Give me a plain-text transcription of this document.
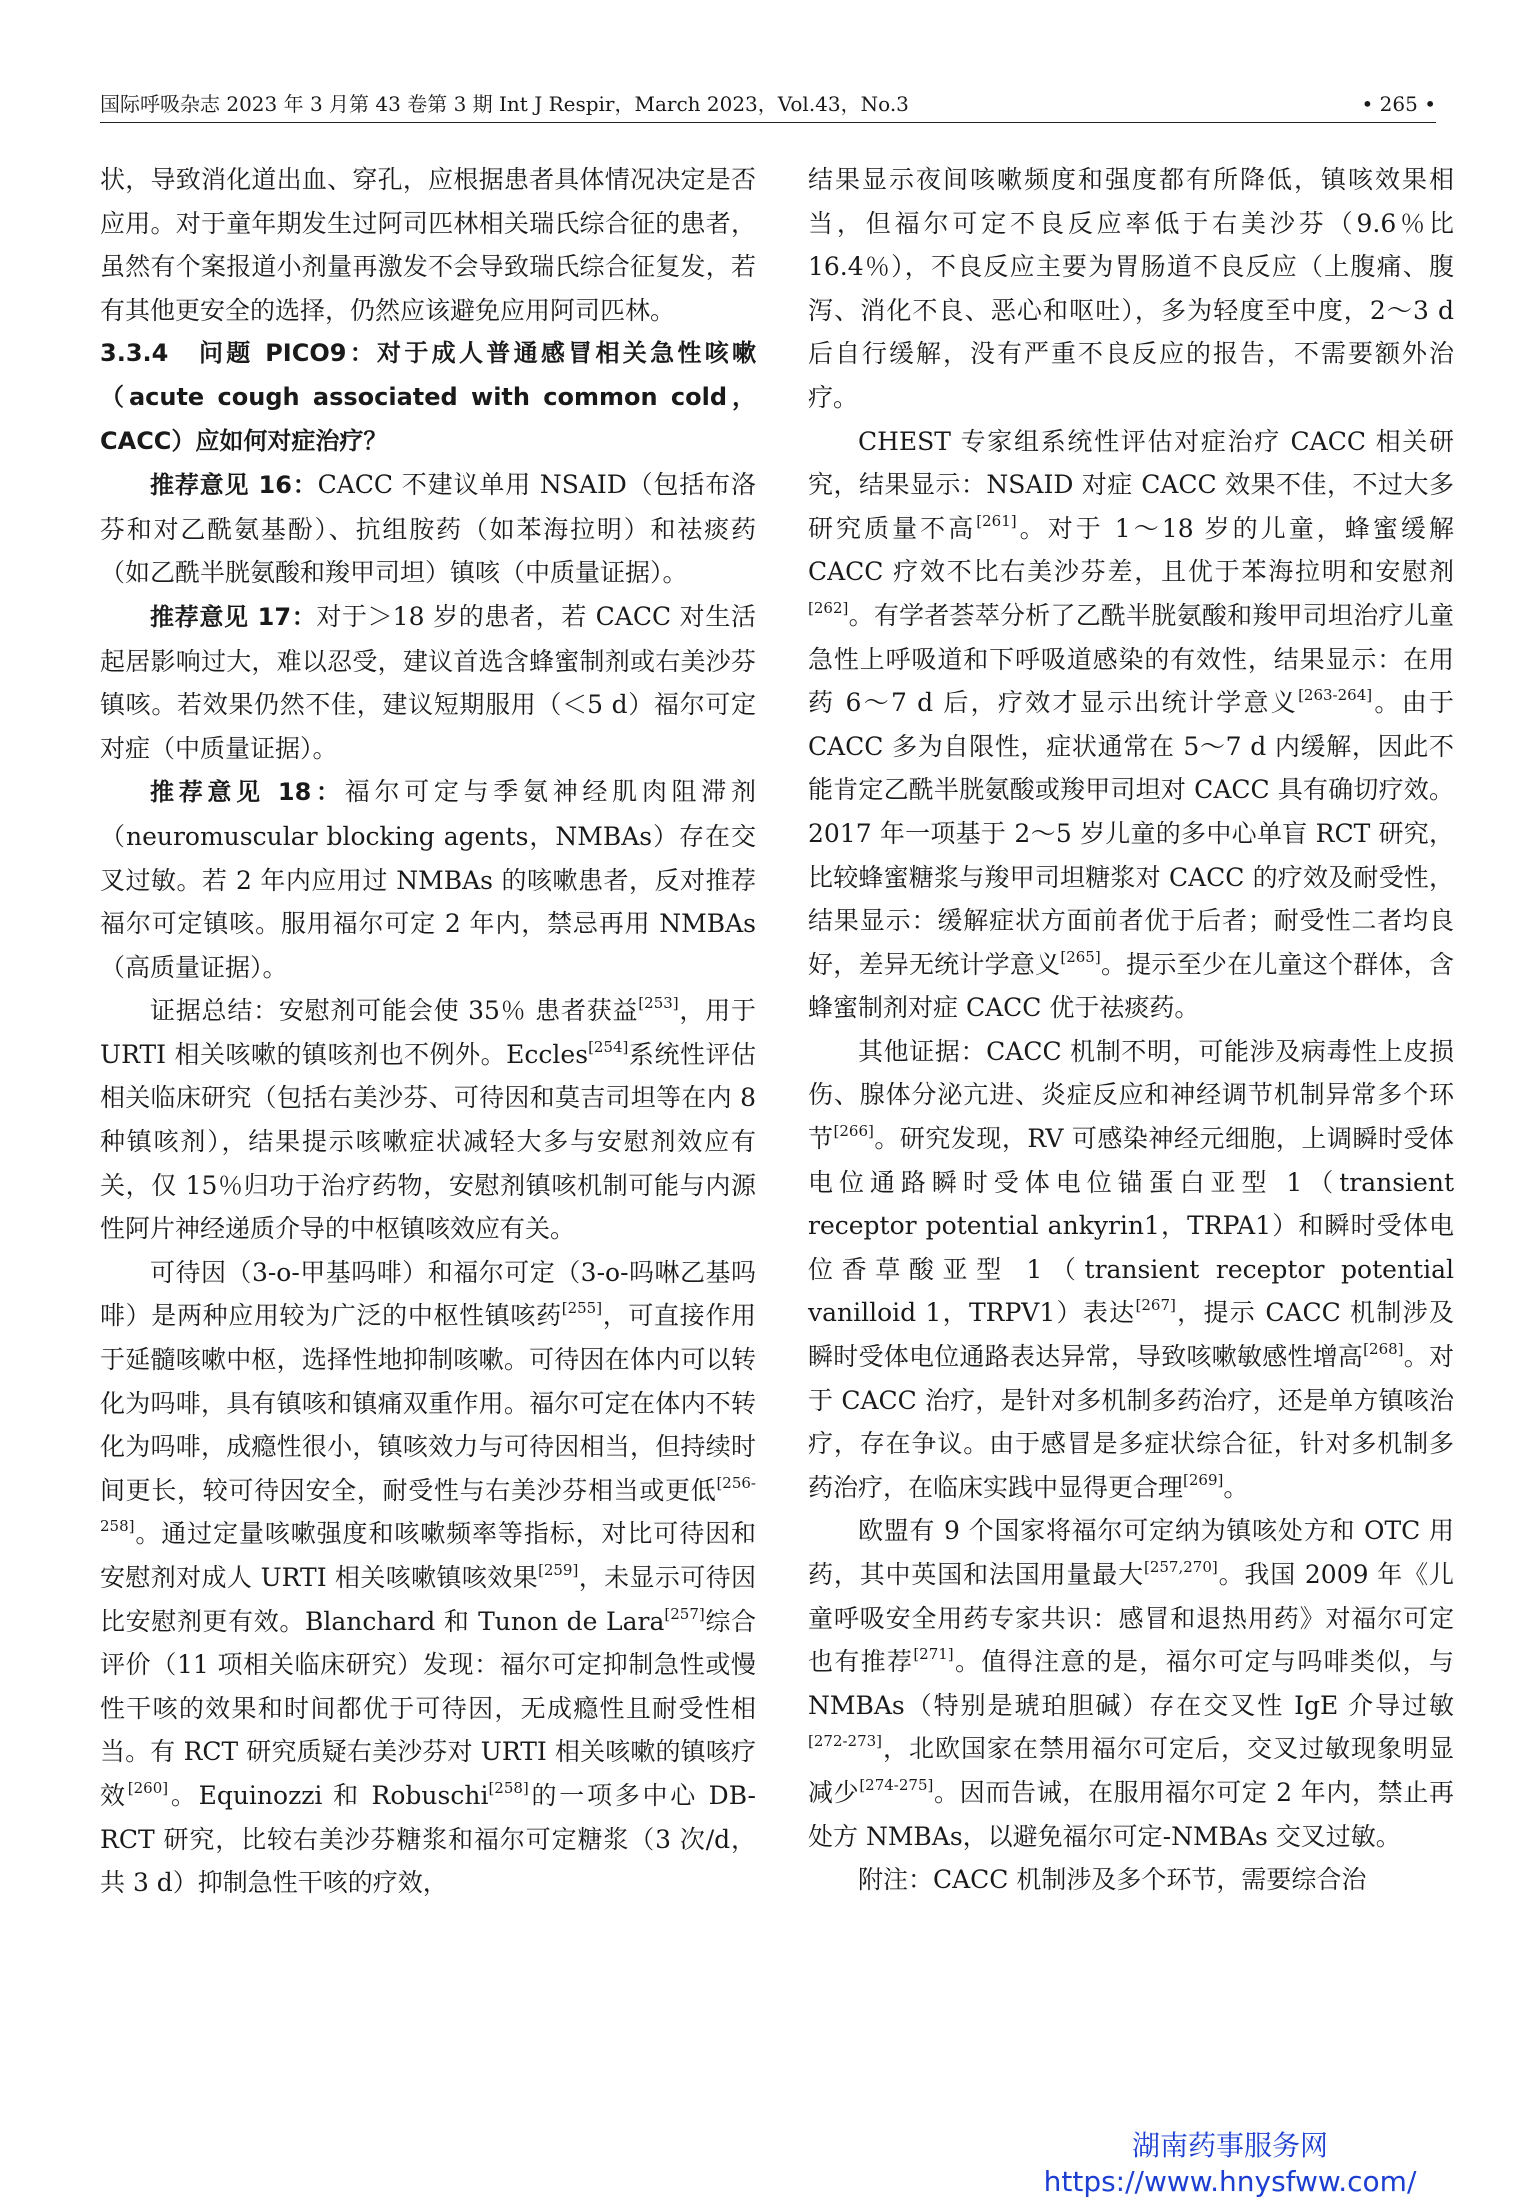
国际呼吸杂志 2023 年 3 月第 43 卷第 3 期 Int J Respir，March 2023，Vol.43，No.3	• 265 •

状，导致消化道出血、穿孔，应根据患者具体情况决定是否应用。对于童年期发生过阿司匹林相关瑞氏综合征的患者，虽然有个案报道小剂量再激发不会导致瑞氏综合征复发，若有其他更安全的选择，仍然应该避免应用阿司匹林。

3.3.4　问题 PICO9：对于成人普通感冒相关急性咳嗽（acute cough associated with common cold，CACC）应如何对症治疗？

推荐意见 16：CACC 不建议单用 NSAID（包括布洛芬和对乙酰氨基酚）、抗组胺药（如苯海拉明）和祛痰药（如乙酰半胱氨酸和羧甲司坦）镇咳（中质量证据）。

推荐意见 17：对于＞18 岁的患者，若 CACC 对生活起居影响过大，难以忍受，建议首选含蜂蜜制剂或右美沙芬镇咳。若效果仍然不佳，建议短期服用（＜5 d）福尔可定对症（中质量证据）。

推荐意见 18：福尔可定与季氨神经肌肉阻滞剂（neuromuscular blocking agents，NMBAs）存在交叉过敏。若 2 年内应用过 NMBAs 的咳嗽患者，反对推荐福尔可定镇咳。服用福尔可定 2 年内，禁忌再用 NMBAs（高质量证据）。

证据总结：安慰剂可能会使 35％ 患者获益[253]，用于 URTI 相关咳嗽的镇咳剂也不例外。Eccles[254]系统性评估相关临床研究（包括右美沙芬、可待因和莫吉司坦等在内 8 种镇咳剂），结果提示咳嗽症状减轻大多与安慰剂效应有关，仅 15％归功于治疗药物，安慰剂镇咳机制可能与内源性阿片神经递质介导的中枢镇咳效应有关。

可待因（3-o-甲基吗啡）和福尔可定（3-o-吗啉乙基吗啡）是两种应用较为广泛的中枢性镇咳药[255]，可直接作用于延髓咳嗽中枢，选择性地抑制咳嗽。可待因在体内可以转化为吗啡，具有镇咳和镇痛双重作用。福尔可定在体内不转化为吗啡，成瘾性很小，镇咳效力与可待因相当，但持续时间更长，较可待因安全，耐受性与右美沙芬相当或更低[256-258]。通过定量咳嗽强度和咳嗽频率等指标，对比可待因和安慰剂对成人 URTI 相关咳嗽镇咳效果[259]，未显示可待因比安慰剂更有效。Blanchard 和 Tunon de Lara[257]综合评价（11 项相关临床研究）发现：福尔可定抑制急性或慢性干咳的效果和时间都优于可待因，无成瘾性且耐受性相当。有 RCT 研究质疑右美沙芬对 URTI 相关咳嗽的镇咳疗效[260]。Equinozzi 和 Robuschi[258]的一项多中心 DB-RCT 研究，比较右美沙芬糖浆和福尔可定糖浆（3 次/d，共 3 d）抑制急性干咳的疗效，

结果显示夜间咳嗽频度和强度都有所降低，镇咳效果相当，但福尔可定不良反应率低于右美沙芬（9.6％比16.4％），不良反应主要为胃肠道不良反应（上腹痛、腹泻、消化不良、恶心和呕吐），多为轻度至中度，2～3 d 后自行缓解，没有严重不良反应的报告，不需要额外治疗。

CHEST 专家组系统性评估对症治疗 CACC 相关研究，结果显示：NSAID 对症 CACC 效果不佳，不过大多研究质量不高[261]。对于 1～18 岁的儿童，蜂蜜缓解 CACC 疗效不比右美沙芬差，且优于苯海拉明和安慰剂[262]。有学者荟萃分析了乙酰半胱氨酸和羧甲司坦治疗儿童急性上呼吸道和下呼吸道感染的有效性，结果显示：在用药 6～7 d 后，疗效才显示出统计学意义[263-264]。由于 CACC 多为自限性，症状通常在 5～7 d 内缓解，因此不能肯定乙酰半胱氨酸或羧甲司坦对 CACC 具有确切疗效。2017 年一项基于 2～5 岁儿童的多中心单盲 RCT 研究，比较蜂蜜糖浆与羧甲司坦糖浆对 CACC 的疗效及耐受性，结果显示：缓解症状方面前者优于后者；耐受性二者均良好，差异无统计学意义[265]。提示至少在儿童这个群体，含蜂蜜制剂对症 CACC 优于祛痰药。

其他证据：CACC 机制不明，可能涉及病毒性上皮损伤、腺体分泌亢进、炎症反应和神经调节机制异常多个环节[266]。研究发现，RV 可感染神经元细胞，上调瞬时受体电位通路瞬时受体电位锚蛋白亚型 1（transient receptor potential ankyrin1，TRPA1）和瞬时受体电位香草酸亚型 1（transient receptor potential vanilloid 1，TRPV1）表达[267]，提示 CACC 机制涉及瞬时受体电位通路表达异常，导致咳嗽敏感性增高[268]。对于 CACC 治疗，是针对多机制多药治疗，还是单方镇咳治疗，存在争议。由于感冒是多症状综合征，针对多机制多药治疗，在临床实践中显得更合理[269]。

欧盟有 9 个国家将福尔可定纳为镇咳处方和 OTC 用药，其中英国和法国用量最大[257,270]。我国 2009 年《儿童呼吸安全用药专家共识：感冒和退热用药》对福尔可定也有推荐[271]。值得注意的是，福尔可定与吗啡类似，与 NMBAs（特别是琥珀胆碱）存在交叉性 IgE 介导过敏[272-273]，北欧国家在禁用福尔可定后，交叉过敏现象明显减少[274-275]。因而告诫，在服用福尔可定 2 年内，禁止再处方 NMBAs，以避免福尔可定-NMBAs 交叉过敏。

附注：CACC 机制涉及多个环节，需要综合治

湖南药事服务网
https://www.hnysfww.com/
